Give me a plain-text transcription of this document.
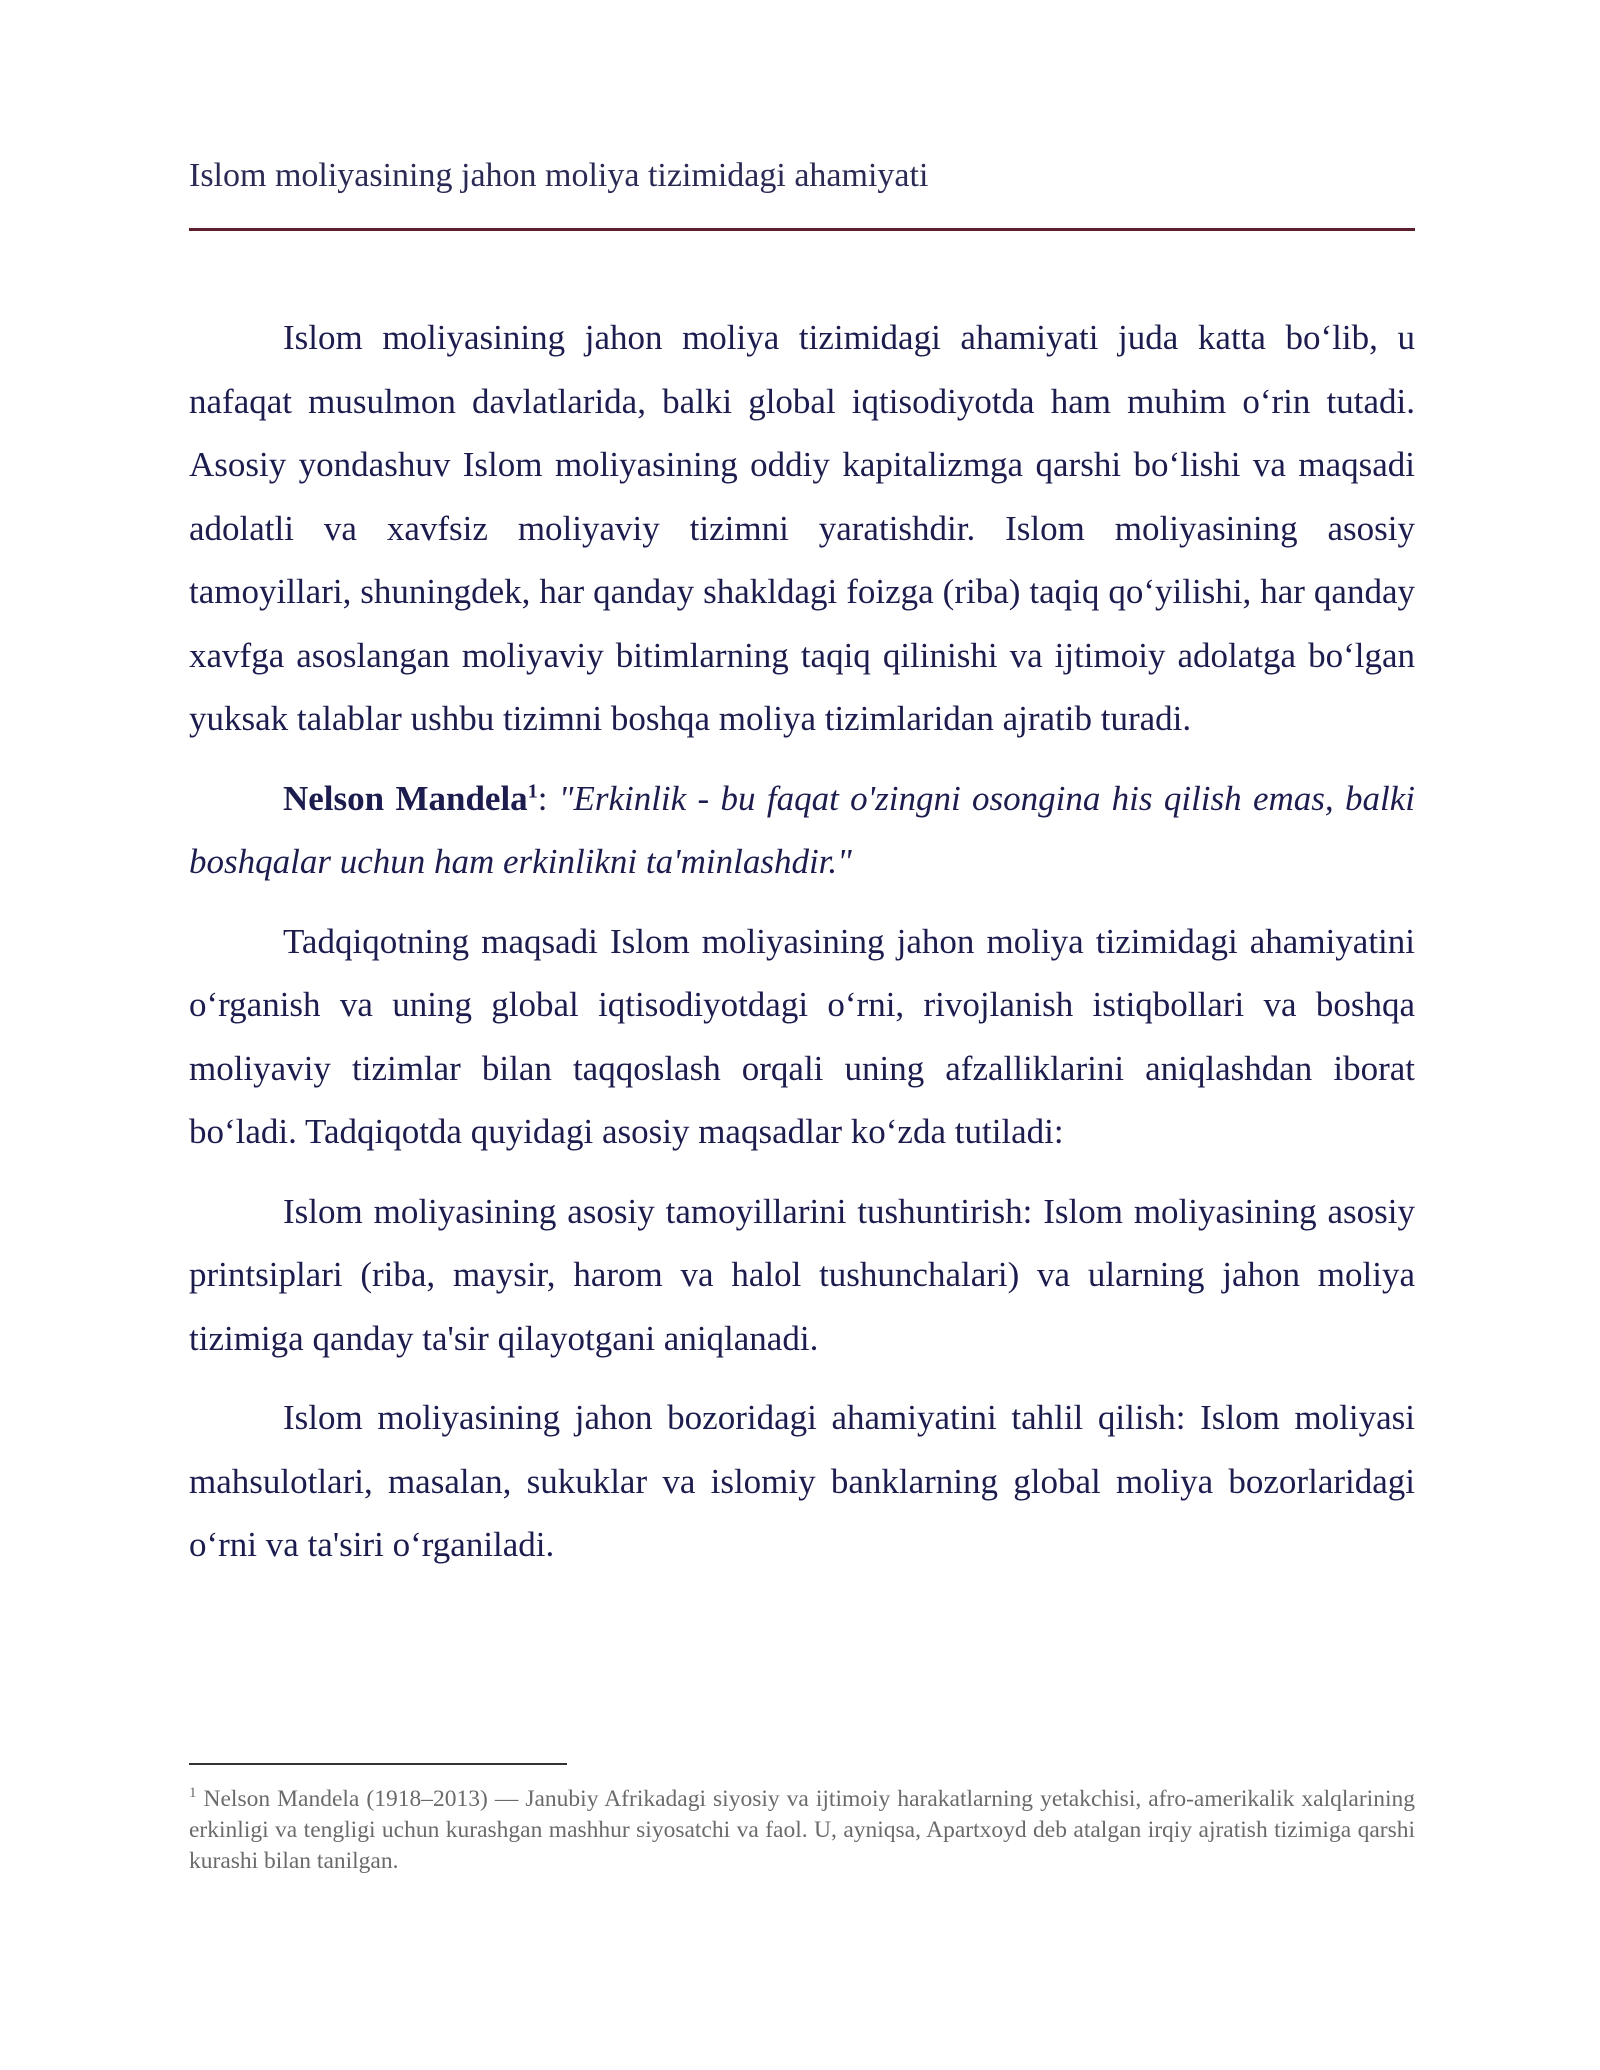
Islom moliyasining jahon moliya tizimidagi ahamiyati

Islom moliyasining jahon moliya tizimidagi ahamiyati juda katta bo‘lib, u nafaqat musulmon davlatlarida, balki global iqtisodiyotda ham muhim o‘rin tutadi. Asosiy yondashuv Islom moliyasining oddiy kapitalizmga qarshi bo‘lishi va maqsadi adolatli va xavfsiz moliyaviy tizimni yaratishdir. Islom moliyasining asosiy tamoyillari, shuningdek, har qanday shakldagi foizga (riba) taqiq qo‘yilishi, har qanday xavfga asoslangan moliyaviy bitimlarning taqiq qilinishi va ijtimoiy adolatga bo‘lgan yuksak talablar ushbu tizimni boshqa moliya tizimlaridan ajratib turadi.

Nelson Mandela$^1$: "Erkinlik - bu faqat o'zingni osongina his qilish emas, balki boshqalar uchun ham erkinlikni ta'minlashdir."

Tadqiqotning maqsadi Islom moliyasining jahon moliya tizimidagi ahamiyatini o‘rganish va uning global iqtisodiyotdagi o‘rni, rivojlanish istiqbollari va boshqa moliyaviy tizimlar bilan taqqoslash orqali uning afzalliklarini aniqlashdan iborat bo‘ladi. Tadqiqotda quyidagi asosiy maqsadlar ko‘zda tutiladi:

Islom moliyasining asosiy tamoyillarini tushuntirish: Islom moliyasining asosiy printsiplari (riba, maysir, harom va halol tushunchalari) va ularning jahon moliya tizimiga qanday ta'sir qilayotgani aniqlanadi.

Islom moliyasining jahon bozoridagi ahamiyatini tahlil qilish: Islom moliyasi mahsulotlari, masalan, sukuklar va islomiy banklarning global moliya bozorlaridagi o‘rni va ta'siri o‘rganiladi.

$^1$ Nelson Mandela (1918–2013) — Janubiy Afrikadagi siyosiy va ijtimoiy harakatlarning yetakchisi, afro-amerikalik xalqlarining erkinligi va tengligi uchun kurashgan mashhur siyosatchi va faol. U, ayniqsa, Apartxoyd deb atalgan irqiy ajratish tizimiga qarshi kurashi bilan tanilgan.
